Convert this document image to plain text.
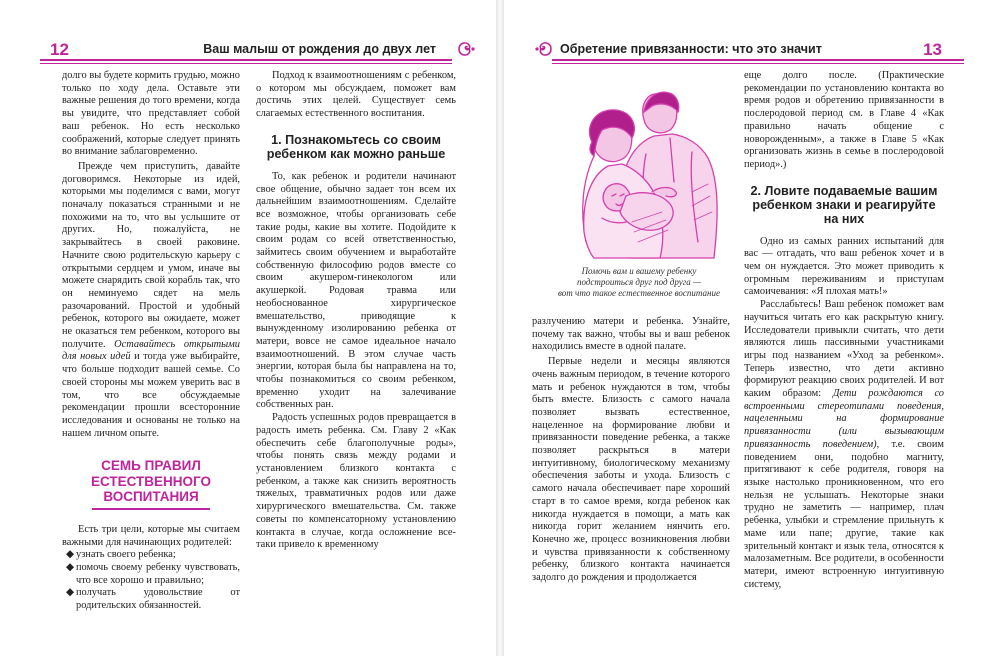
12	Ваш малыш от рождения до двух лет

долго вы будете кормить грудью, можно только по ходу дела. Оставьте эти важные решения до того времени, когда вы увидите, что представляет собой ваш ребенок. Но есть несколько соображений, которые следует принять во внимание заблаговременно.

Прежде чем приступить, давайте договоримся. Некоторые из идей, которыми мы поделимся с вами, могут поначалу показаться странными и не похожими на то, что вы услышите от других. Но, пожалуйста, не закрывайтесь в своей раковине. Начните свою родительскую карьеру с открытыми сердцем и умом, иначе вы можете снарядить свой корабль так, что он неминуемо сядет на мель разочарований. Простой и удобный ребенок, которого вы ожидаете, может не оказаться тем ребенком, которого вы получите. Оставайтесь открытыми для новых идей и тогда уже выбирайте, что больше подходит вашей семье. Со своей стороны мы можем уверить вас в том, что все обсуждаемые рекомендации прошли всесторонние исследования и основаны не только на нашем личном опыте.

СЕМЬ ПРАВИЛ ЕСТЕСТВЕННОГО ВОСПИТАНИЯ

Есть три цели, которые мы считаем важными для начинающих родителей:

◆ узнать своего ребенка;
◆ помочь своему ребенку чувствовать, что все хорошо и правильно;
◆ получать удовольствие от родительских обязанностей.

Подход к взаимоотношениям с ребенком, о котором мы обсуждаем, поможет вам достичь этих целей. Существует семь слагаемых естественного воспитания.

1. Познакомьтесь со своим ребенком как можно раньше

То, как ребенок и родители начинают свое общение, обычно задает тон всем их дальнейшим взаимоотношениям. Сделайте все возможное, чтобы организовать себе такие роды, какие вы хотите. Подойдите к своим родам со всей ответственностью, займитесь своим обучением и выработайте собственную философию родов вместе со своим акушером-гинекологом или акушеркой. Родовая травма или необоснованное хирургическое вмешательство, приводящие к вынужденному изолированию ребенка от матери, вовсе не самое идеальное начало взаимоотношений. В этом случае часть энергии, которая была бы направлена на то, чтобы познакомиться со своим ребенком, временно уходит на залечивание собственных ран.

Радость успешных родов превращается в радость иметь ребенка. См. Главу 2 «Как обеспечить себе благополучные роды», чтобы понять связь между родами и установлением близкого контакта с ребенком, а также как снизить вероятность тяжелых, травматичных родов или даже хирургического вмешательства. См. также советы по компенсаторному установлению контакта в случае, когда осложнение все-таки привело к временному

Обретение привязанности: что это значит	13
Помочь вам и вашему ребенку
подстроиться друг под друга —
вот что такое естественное воспитание

разлучению матери и ребенка. Узнайте, почему так важно, чтобы вы и ваш ребенок находились вместе в одной палате.

Первые недели и месяцы являются очень важным периодом, в течение которого мать и ребенок нуждаются в том, чтобы быть вместе. Близость с самого начала позволяет вызвать естественное, нацеленное на формирование любви и привязанности поведение ребенка, а также позволяет раскрыться в матери интуитивному, биологическому механизму обеспечения заботы и ухода. Близость с самого начала обеспечивает паре хороший старт в то самое время, когда ребенок как никогда нуждается в помощи, а мать как никогда горит желанием нянчить его. Конечно же, процесс возникновения любви и чувства привязанности к собственному ребенку, близкого контакта начинается задолго до рождения и продолжается

еще долго после. (Практические рекомендации по установлению контакта во время родов и обретению привязанности в послеродовой период см. в Главе 4 «Как правильно начать общение с новорожденным», а также в Главе 5 «Как организовать жизнь в семье в послеродовой период».)

2. Ловите подаваемые вашим ребенком знаки и реагируйте на них

Одно из самых ранних испытаний для вас — отгадать, что ваш ребенок хочет и в чем он нуждается. Это может приводить к огромным переживаниям и приступам самоичевания: «Я плохая мать!»

Расслабьтесь! Ваш ребенок поможет вам научиться читать его как раскрытую книгу. Исследователи привыкли считать, что дети являются лишь пассивными участниками игры под названием «Уход за ребенком». Теперь известно, что дети активно формируют реакцию своих родителей. И вот каким образом: Дети рождаются со встроенными стереотипами поведения, нацеленными на формирование привязанности (или вызывающим привязанность поведением), т.е. своим поведением они, подобно магниту, притягивают к себе родителя, говоря на языке настолько проникновенном, что его нельзя не услышать. Некоторые знаки трудно не заметить — например, плач ребенка, улыбки и стремление прильнуть к маме или папе; другие, такие как зрительный контакт и язык тела, относятся к малозаметным. Все родители, в особенности матери, имеют встроенную интуитивную систему,
